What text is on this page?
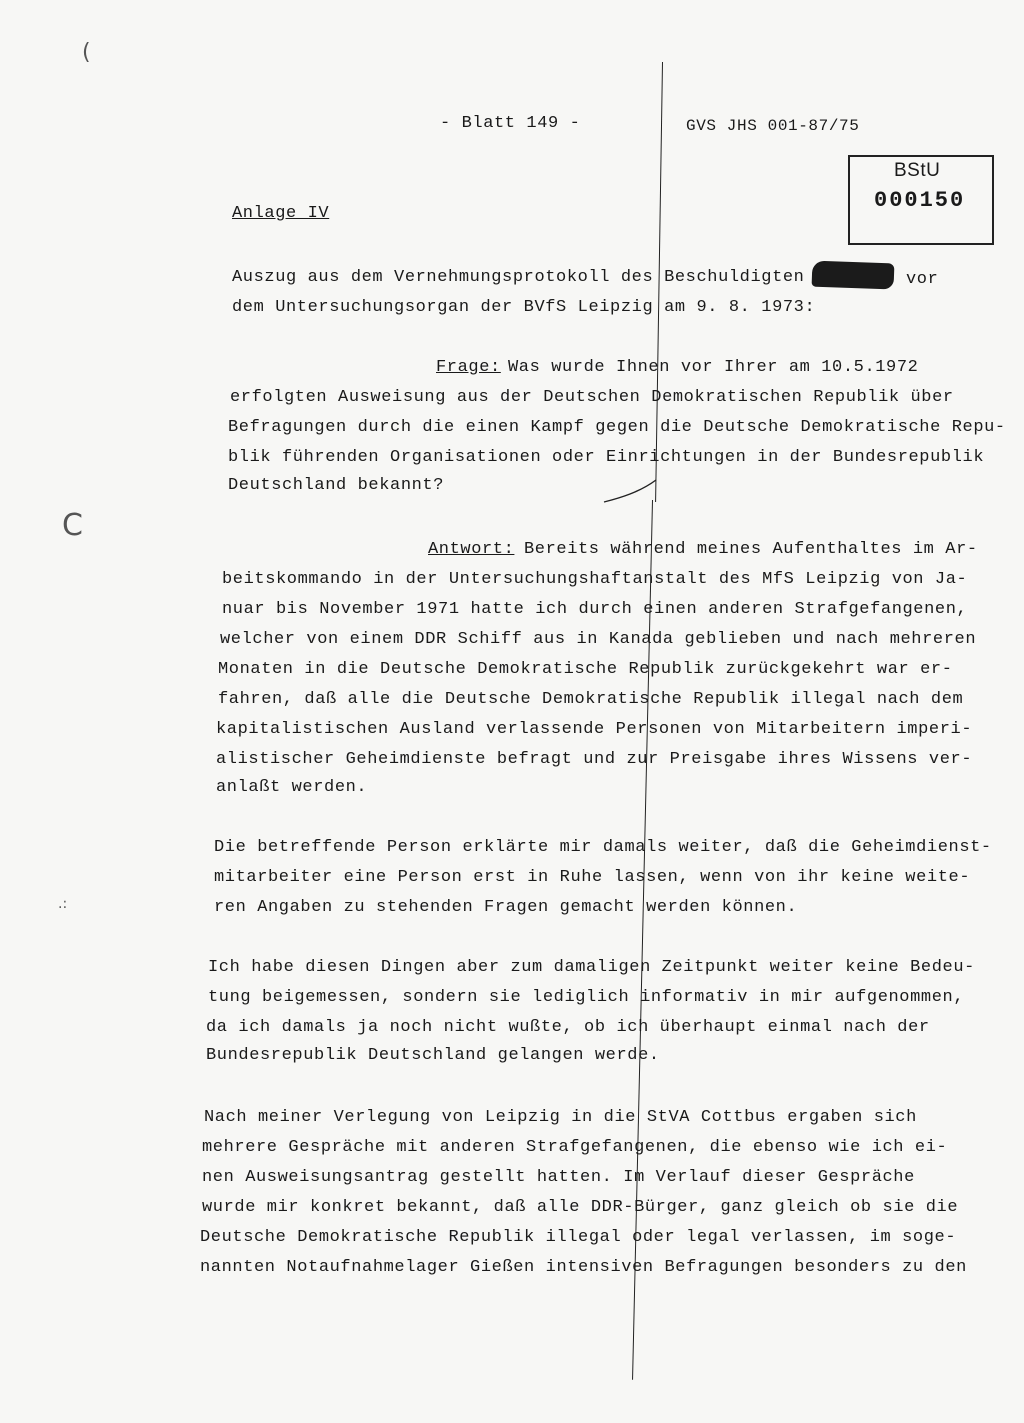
(
C
.:
- Blatt 149 -	GVS JHS 001-87/75
BStU
000150
Anlage IV
Auszug aus dem Vernehmungsprotokoll des Beschuldigten	vor
dem Untersuchungsorgan der BVfS Leipzig am 9. 8. 1973:
Frage: Was wurde Ihnen vor Ihrer am 10.5.1972
erfolgten Ausweisung aus der Deutschen Demokratischen Republik über
Befragungen durch die einen Kampf gegen die Deutsche Demokratische Repu-
blik führenden Organisationen oder Einrichtungen in der Bundesrepublik
Deutschland bekannt?
Antwort: Bereits während meines Aufenthaltes im Ar-
beitskommando in der Untersuchungshaftanstalt des MfS Leipzig von Ja-
nuar bis November 1971 hatte ich durch einen anderen Strafgefangenen,
welcher von einem DDR Schiff aus in Kanada geblieben und nach mehreren
Monaten in die Deutsche Demokratische Republik zurückgekehrt war er-
fahren, daß alle die Deutsche Demokratische Republik illegal nach dem
kapitalistischen Ausland verlassende Personen von Mitarbeitern imperi-
alistischer Geheimdienste befragt und zur Preisgabe ihres Wissens ver-
anlaßt werden.
Die betreffende Person erklärte mir damals weiter, daß die Geheimdienst-
mitarbeiter eine Person erst in Ruhe lassen, wenn von ihr keine weite-
ren Angaben zu stehenden Fragen gemacht werden können.
Ich habe diesen Dingen aber zum damaligen Zeitpunkt weiter keine Bedeu-
tung beigemessen, sondern sie lediglich informativ in mir aufgenommen,
da ich damals ja noch nicht wußte, ob ich überhaupt einmal nach der
Bundesrepublik Deutschland gelangen werde.
Nach meiner Verlegung von Leipzig in die StVA Cottbus ergaben sich
mehrere Gespräche mit anderen Strafgefangenen, die ebenso wie ich ei-
nen Ausweisungsantrag gestellt hatten. Im Verlauf dieser Gespräche
wurde mir konkret bekannt, daß alle DDR-Bürger, ganz gleich ob sie die
Deutsche Demokratische Republik illegal oder legal verlassen, im soge-
nannten Notaufnahmelager Gießen intensiven Befragungen besonders zu den
